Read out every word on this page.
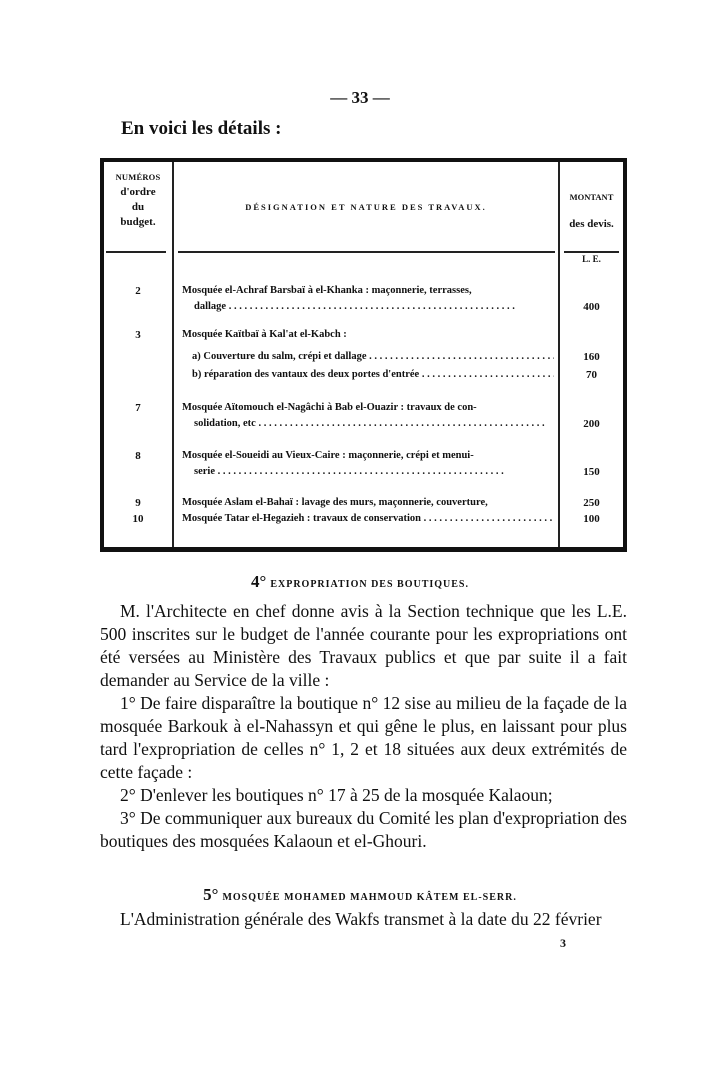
— 33 —
En voici les détails :
NUMÉROS
d'ordre
du
budget.
DÉSIGNATION ET NATURE DES TRAVAUX.
MONTANT
des devis.
L. E.
2	Mosquée el-Achraf Barsbaï à el-Khanka : maçonnerie, terrasses,
dallage . . .	400
3	Mosquée Kaïtbaï à Kal'at el-Kabch :
a) Couverture du salm, crépi et dallage . . .	160
b) réparation des vantaux des deux portes d'entrée . . .	70
7	Mosquée Aïtomouch el-Nagâchi à Bab el-Ouazir : travaux de con-
solidation, etc . . .	200
8	Mosquée el-Soueidi au Vieux-Caire : maçonnerie, crépi et menui-
serie . . .	150
9	Mosquée Aslam el-Bahaï : lavage des murs, maçonnerie, couverture,	250
10	Mosquée Tatar el-Hegazieh : travaux de conservation . . .	100
4° EXPROPRIATION DES BOUTIQUES.

M. l'Architecte en chef donne avis à la Section technique que les L.E. 500 inscrites sur le budget de l'année courante pour les expropriations ont été versées au Ministère des Travaux publics et que par suite il a fait demander au Service de la ville :

1° De faire disparaître la boutique n° 12 sise au milieu de la façade de la mosquée Barkouk à el-Nahassyn et qui gêne le plus, en laissant pour plus tard l'expropriation de celles n° 1, 2 et 18 situées aux deux extrémités de cette façade :

2° D'enlever les boutiques n° 17 à 25 de la mosquée Kalaoun;

3° De communiquer aux bureaux du Comité les plan d'expropriation des boutiques des mosquées Kalaoun et el-Ghouri.

5° MOSQUÉE MOHAMED MAHMOUD KÂTEM EL-SERR.

L'Administration générale des Wakfs transmet à la date du 22 février

3
